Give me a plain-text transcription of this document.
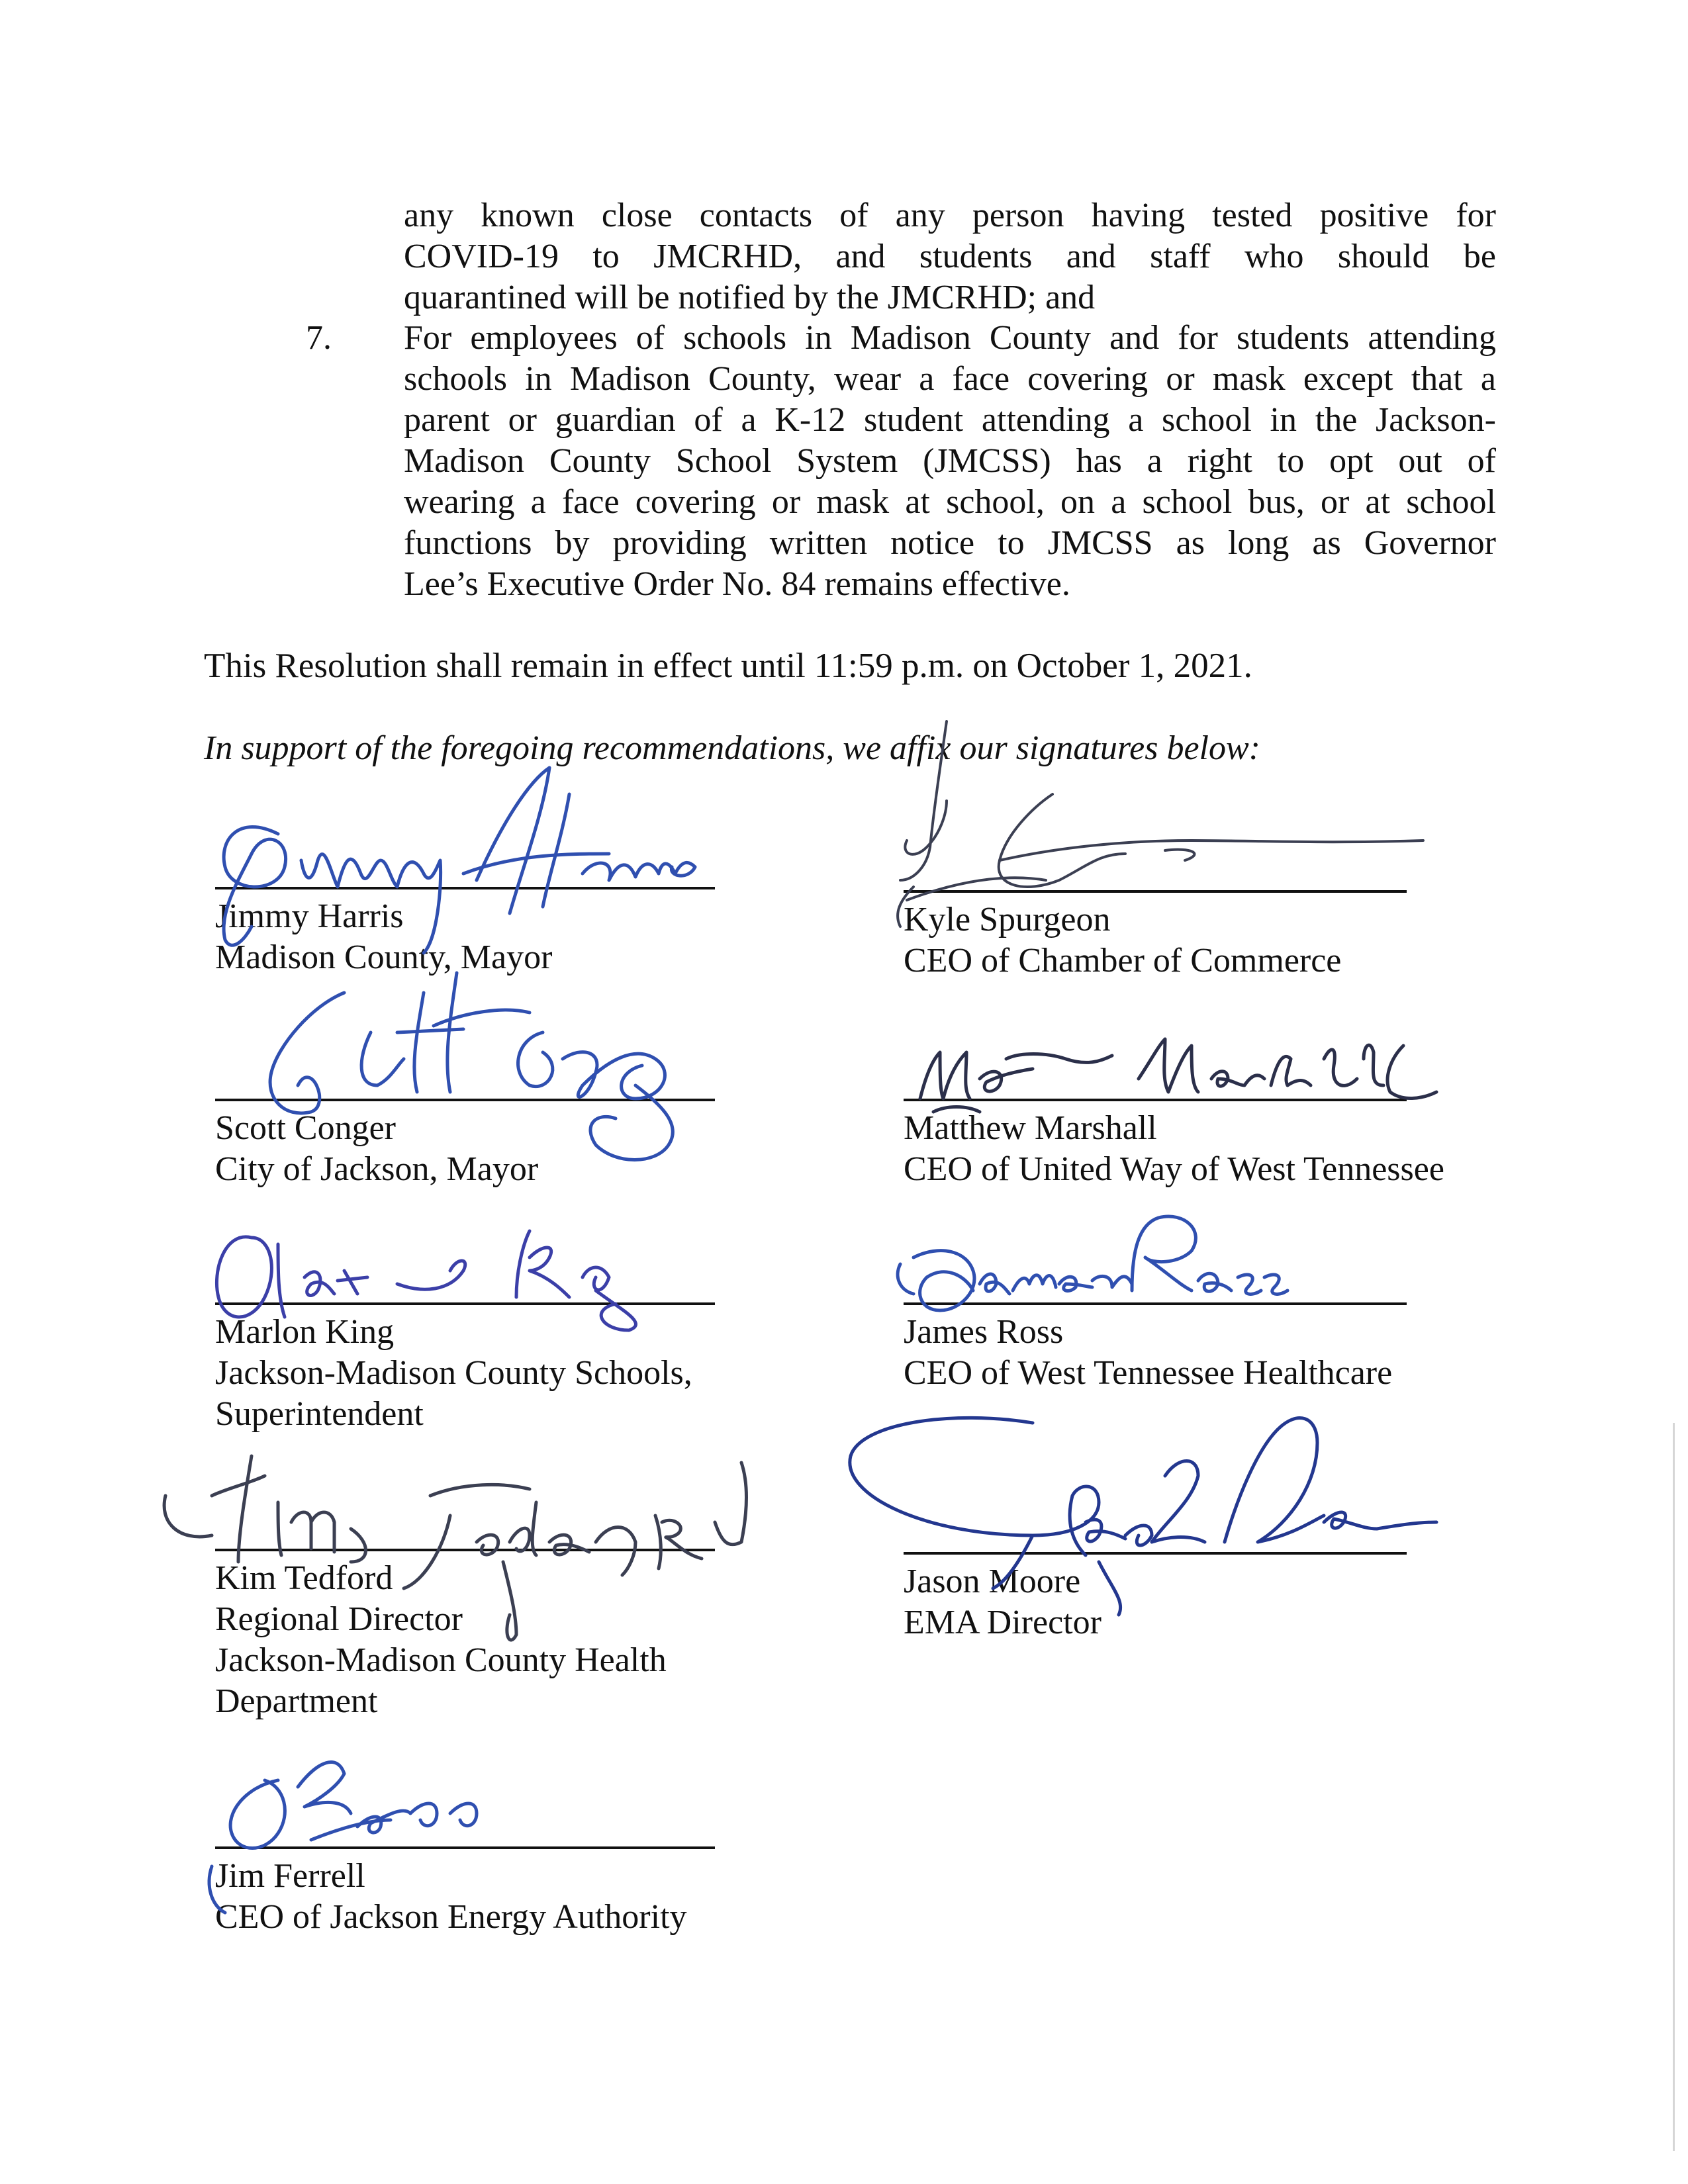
any known close contacts of any person having tested positive for
COVID-19 to JMCRHD, and students and staff who should be
quarantined will be notified by the JMCRHD; and
7. For employees of schools in Madison County and for students attending
schools in Madison County, wear a face covering or mask except that a
parent or guardian of a K-12 student attending a school in the Jackson-
Madison County School System (JMCSS) has a right to opt out of
wearing a face covering or mask at school, on a school bus, or at school
functions by providing written notice to JMCSS as long as Governor
Lee’s Executive Order No. 84 remains effective.
This Resolution shall remain in effect until 11:59 p.m. on October 1, 2021.
In support of the foregoing recommendations, we affix our signatures below:
Jimmy Harris
Madison County, Mayor
Scott Conger
City of Jackson, Mayor
Marlon King
Jackson-Madison County Schools,
Superintendent
Kim Tedford
Regional Director
Jackson-Madison County Health
Department
Jim Ferrell
CEO of Jackson Energy Authority
Kyle Spurgeon
CEO of Chamber of Commerce
Matthew Marshall
CEO of United Way of West Tennessee
James Ross
CEO of West Tennessee Healthcare
Jason Moore
EMA Director
